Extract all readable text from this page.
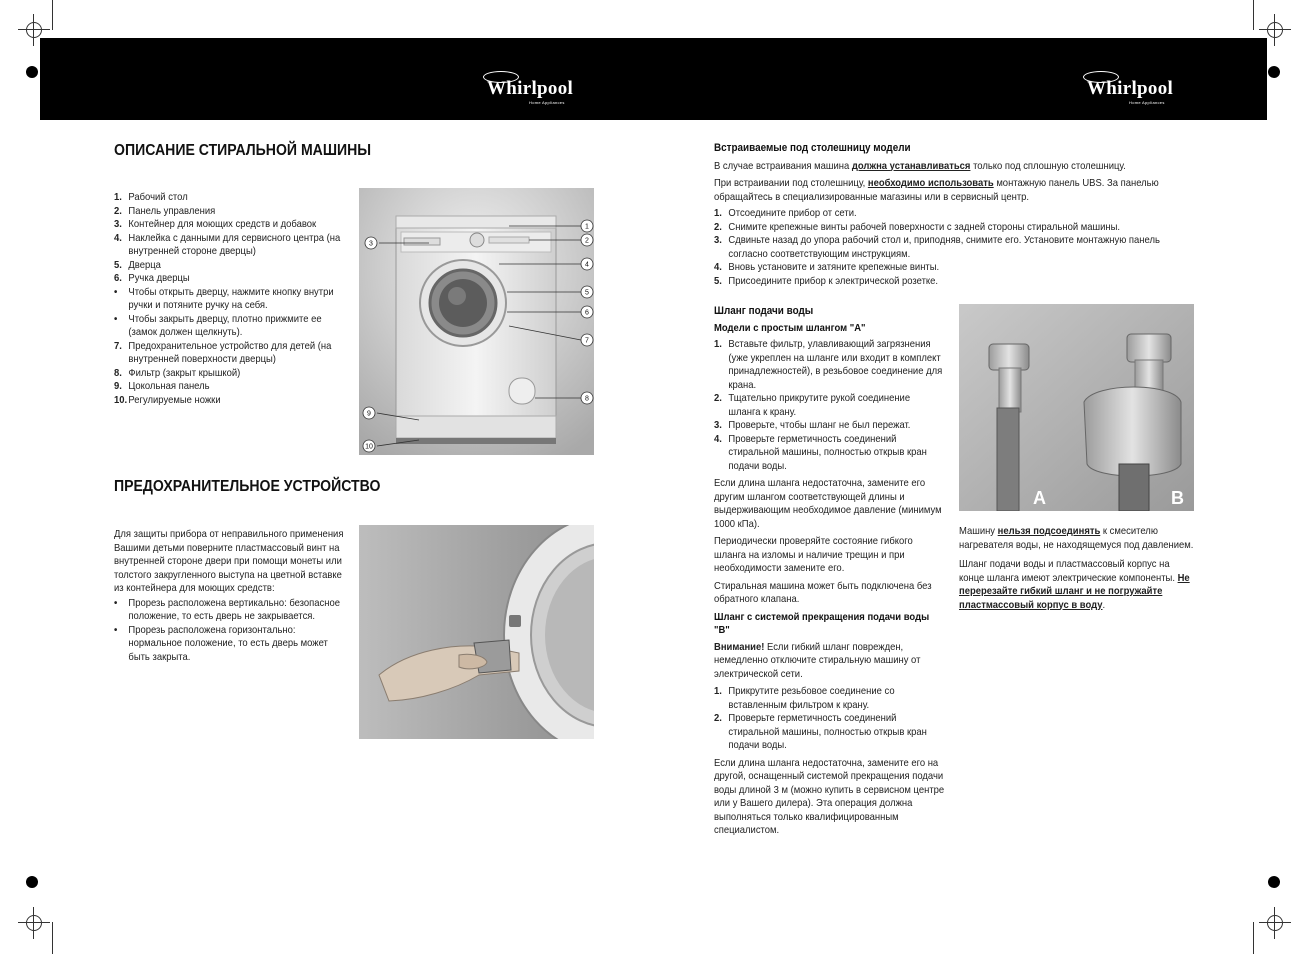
Whirlpool
Home Appliances
Whirlpool
Home Appliances
ОПИСАНИЕ СТИРАЛЬНОЙ МАШИНЫ
1. Рабочий стол
2. Панель управления
3. Контейнер для моющих средств и добавок
4. Наклейка с данными для сервисного центра (на внутренней стороне дверцы)
5. Дверца
6. Ручка дверцы
• Чтобы открыть дверцу, нажмите кнопку внутри ручки и потяните ручку на себя.
• Чтобы закрыть дверцу, плотно прижмите ее (замок должен щелкнуть).
7. Предохранительное устройство для детей (на внутренней поверхности дверцы)
8. Фильтр (закрыт крышкой)
9. Цокольная панель
10. Регулируемые ножки
1
2
3
4
5
6
7
8
9
10
ПРЕДОХРАНИТЕЛЬНОЕ УСТРОЙСТВО

Для защиты прибора от неправильного применения Вашими детьми поверните пластмассовый винт на внутренней стороне двери при помощи монеты или толстого закругленного выступа на цветной вставке из контейнера для моющих средств:

• Прорезь расположена вертикально: безопасное положение, то есть дверь не закрывается.
• Прорезь расположена горизонтально: нормальное положение, то есть дверь может быть закрыта.

Встраиваемые под столешницу модели

В случае встраивания машина должна устанавливаться только под сплошную столешницу.

При встраивании под столешницу, необходимо использовать монтажную панель UBS. За панелью обращайтесь в специализированные магазины или в сервисный центр.

1. Отсоедините прибор от сети.
2. Снимите крепежные винты рабочей поверхности с задней стороны стиральной машины.
3. Сдвиньте назад до упора рабочий стол и, приподняв, снимите его. Установите монтажную панель согласно соответствующим инструкциям.
4. Вновь установите и затяните крепежные винты.
5. Присоедините прибор к электрической розетке.

Шланг подачи воды

Модели с простым шлангом "A"

1. Вставьте фильтр, улавливающий загрязнения (уже укреплен на шланге или входит в комплект принадлежностей), в резьбовое соединение для крана.
2. Тщательно прикрутите рукой соединение шланга к крану.
3. Проверьте, чтобы шланг не был пережат.
4. Проверьте герметичность соединений стиральной машины, полностью открыв кран подачи воды.

Если длина шланга недостаточна, замените его другим шлангом соответствующей длины и выдерживающим необходимое давление (минимум 1000 кПа).

Периодически проверяйте состояние гибкого шланга на изломы и наличие трещин и при необходимости замените его.

Стиральная машина может быть подключена без обратного клапана.

Шланг с системой прекращения подачи воды "B"

Внимание! Если гибкий шланг поврежден, немедленно отключите стиральную машину от электрической сети.

1. Прикрутите резьбовое соединение со вставленным фильтром к крану.
2. Проверьте герметичность соединений стиральной машины, полностью открыв кран подачи воды.

Если длина шланга недостаточна, замените его на другой, оснащенный системой прекращения подачи воды длиной 3 м (можно купить в сервисном центре или у Вашего дилера). Эта операция должна выполняться только квалифицированным специалистом.

A	B

Машину нельзя подсоединять к смесителю нагревателя воды, не находящемуся под давлением.

Шланг подачи воды и пластмассовый корпус на конце шланга имеют электрические компоненты. Не перерезайте гибкий шланг и не погружайте пластмассовый корпус в воду.
